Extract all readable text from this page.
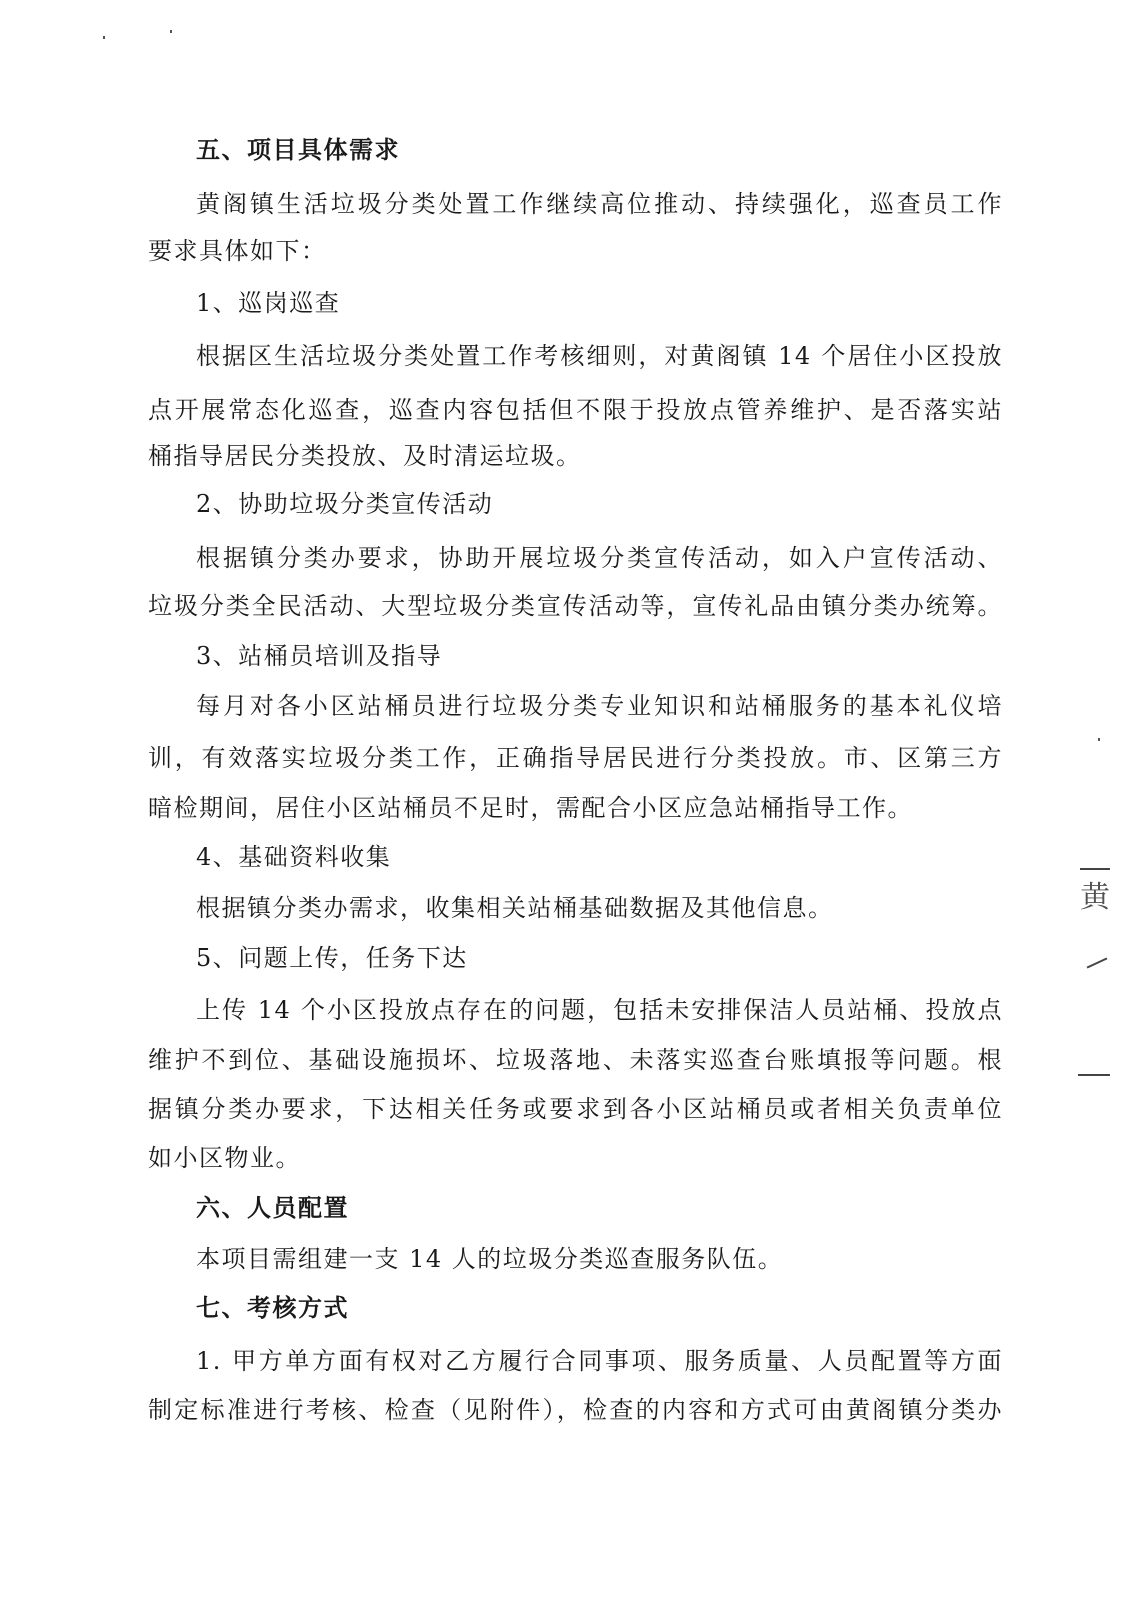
五、项目具体需求
黄阁镇生活垃圾分类处置工作继续高位推动、持续强化，巡查员工作
要求具体如下：
1、巡岗巡查
根据区生活垃圾分类处置工作考核细则，对黄阁镇 14 个居住小区投放
点开展常态化巡查，巡查内容包括但不限于投放点管养维护、是否落实站
桶指导居民分类投放、及时清运垃圾。
2、协助垃圾分类宣传活动
根据镇分类办要求，协助开展垃圾分类宣传活动，如入户宣传活动、
垃圾分类全民活动、大型垃圾分类宣传活动等，宣传礼品由镇分类办统筹。
3、站桶员培训及指导
每月对各小区站桶员进行垃圾分类专业知识和站桶服务的基本礼仪培
训，有效落实垃圾分类工作，正确指导居民进行分类投放。市、区第三方
暗检期间，居住小区站桶员不足时，需配合小区应急站桶指导工作。
4、基础资料收集
根据镇分类办需求，收集相关站桶基础数据及其他信息。
5、问题上传，任务下达
上传 14 个小区投放点存在的问题，包括未安排保洁人员站桶、投放点
维护不到位、基础设施损坏、垃圾落地、未落实巡查台账填报等问题。根
据镇分类办要求，下达相关任务或要求到各小区站桶员或者相关负责单位
如小区物业。
六、人员配置
本项目需组建一支 14 人的垃圾分类巡查服务队伍。
七、考核方式
1. 甲方单方面有权对乙方履行合同事项、服务质量、人员配置等方面
制定标准进行考核、检查（见附件），检查的内容和方式可由黄阁镇分类办
黄
